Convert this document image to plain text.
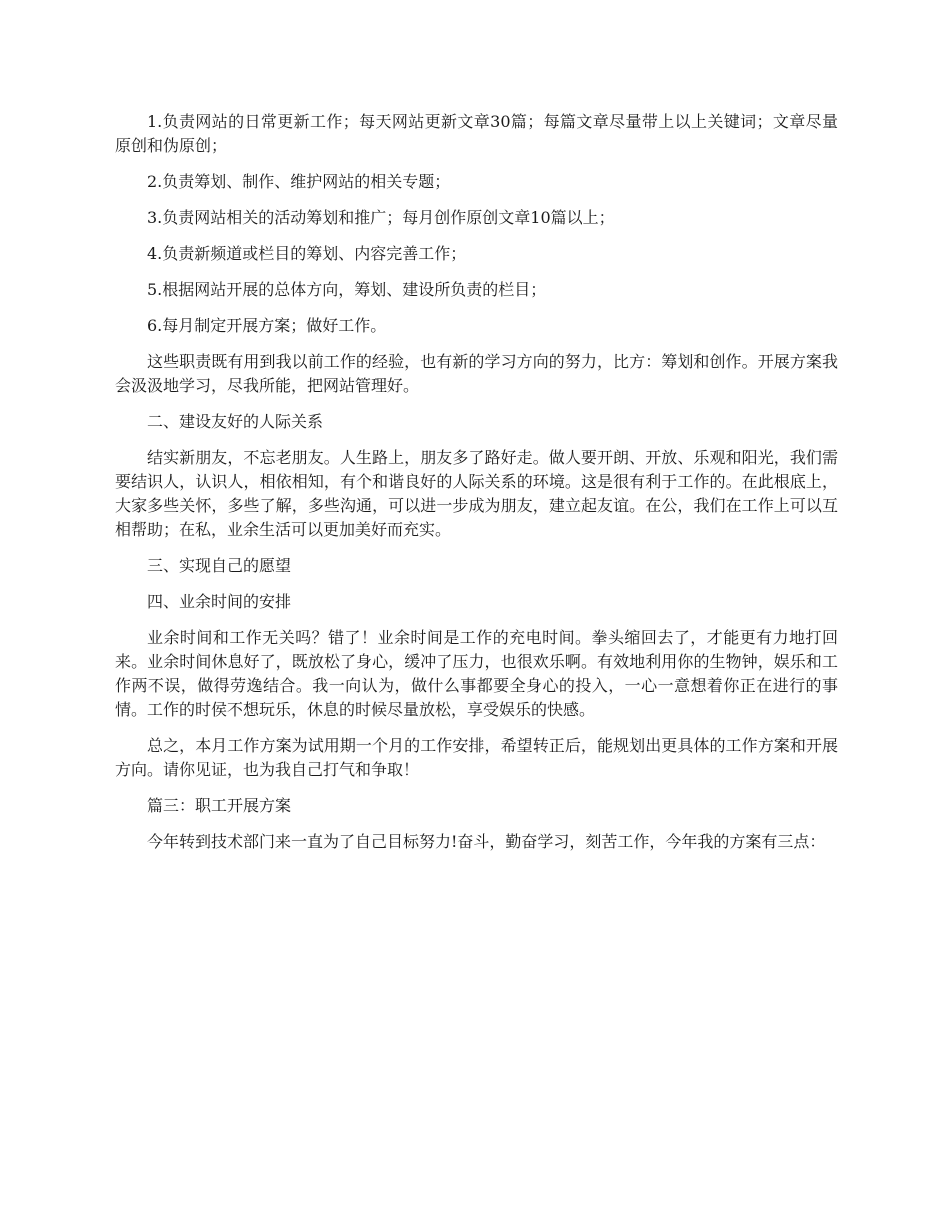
1.负责网站的日常更新工作；每天网站更新文章30篇；每篇文章尽量带上以上关键词；文章尽量原创和伪原创；

2.负责筹划、制作、维护网站的相关专题；

3.负责网站相关的活动筹划和推广；每月创作原创文章10篇以上；

4.负责新频道或栏目的筹划、内容完善工作；

5.根据网站开展的总体方向，筹划、建设所负责的栏目；

6.每月制定开展方案；做好工作。

这些职责既有用到我以前工作的经验，也有新的学习方向的努力，比方：筹划和创作。开展方案我会汲汲地学习，尽我所能，把网站管理好。

二、建设友好的人际关系

结实新朋友，不忘老朋友。人生路上，朋友多了路好走。做人要开朗、开放、乐观和阳光，我们需要结识人，认识人，相依相知，有个和谐良好的人际关系的环境。这是很有利于工作的。在此根底上，大家多些关怀，多些了解，多些沟通，可以进一步成为朋友，建立起友谊。在公，我们在工作上可以互相帮助；在私，业余生活可以更加美好而充实。

三、实现自己的愿望

四、业余时间的安排

业余时间和工作无关吗？错了！业余时间是工作的充电时间。拳头缩回去了，才能更有力地打回来。业余时间休息好了，既放松了身心，缓冲了压力，也很欢乐啊。有效地利用你的生物钟，娱乐和工作两不误，做得劳逸结合。我一向认为，做什么事都要全身心的投入，一心一意想着你正在进行的事情。工作的时侯不想玩乐，休息的时候尽量放松，享受娱乐的快感。

总之，本月工作方案为试用期一个月的工作安排，希望转正后，能规划出更具体的工作方案和开展方向。请你见证，也为我自己打气和争取！

篇三：职工开展方案

今年转到技术部门来一直为了自己目标努力!奋斗，勤奋学习，刻苦工作，今年我的方案有三点：
